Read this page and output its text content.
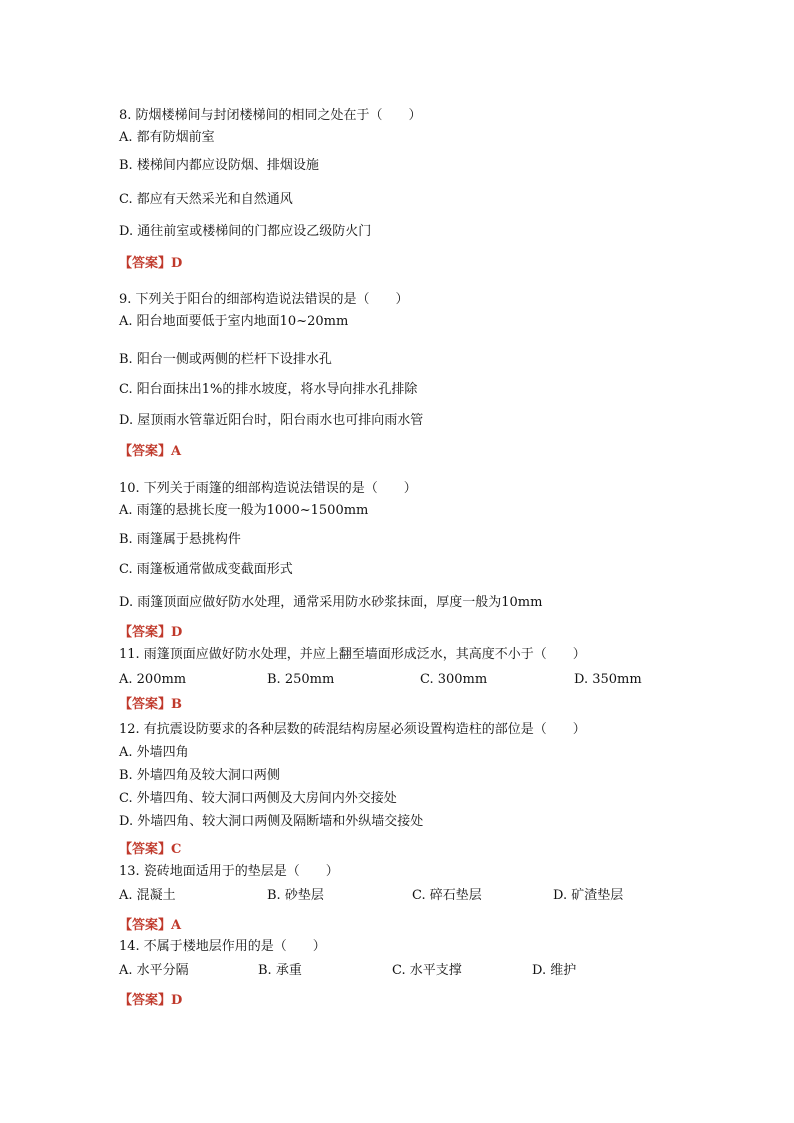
8. 防烟楼梯间与封闭楼梯间的相同之处在于（　　）
A. 都有防烟前室
B. 楼梯间内都应设防烟、排烟设施
C. 都应有天然采光和自然通风
D. 通往前室或楼梯间的门都应设乙级防火门
【答案】D
9. 下列关于阳台的细部构造说法错误的是（　　）
A. 阳台地面要低于室内地面10~20mm
B. 阳台一侧或两侧的栏杆下设排水孔
C. 阳台面抹出1%的排水坡度，将水导向排水孔排除
D. 屋顶雨水管靠近阳台时，阳台雨水也可排向雨水管
【答案】A
10. 下列关于雨篷的细部构造说法错误的是（　　）
A. 雨篷的悬挑长度一般为1000~1500mm
B. 雨篷属于悬挑构件
C. 雨篷板通常做成变截面形式
D. 雨篷顶面应做好防水处理，通常采用防水砂浆抹面，厚度一般为10mm
【答案】D
11. 雨篷顶面应做好防水处理，并应上翻至墙面形成泛水，其高度不小于（　　）
A. 200mm	B. 250mm	C. 300mm	D. 350mm
【答案】B
12. 有抗震设防要求的各种层数的砖混结构房屋必须设置构造柱的部位是（　　）
A. 外墙四角
B. 外墙四角及较大洞口两侧
C. 外墙四角、较大洞口两侧及大房间内外交接处
D. 外墙四角、较大洞口两侧及隔断墙和外纵墙交接处
【答案】C
13. 瓷砖地面适用于的垫层是（　　）
A. 混凝土	B. 砂垫层	C. 碎石垫层	D. 矿渣垫层
【答案】A
14. 不属于楼地层作用的是（　　）
A. 水平分隔	B. 承重	C. 水平支撑	D. 维护
【答案】D
